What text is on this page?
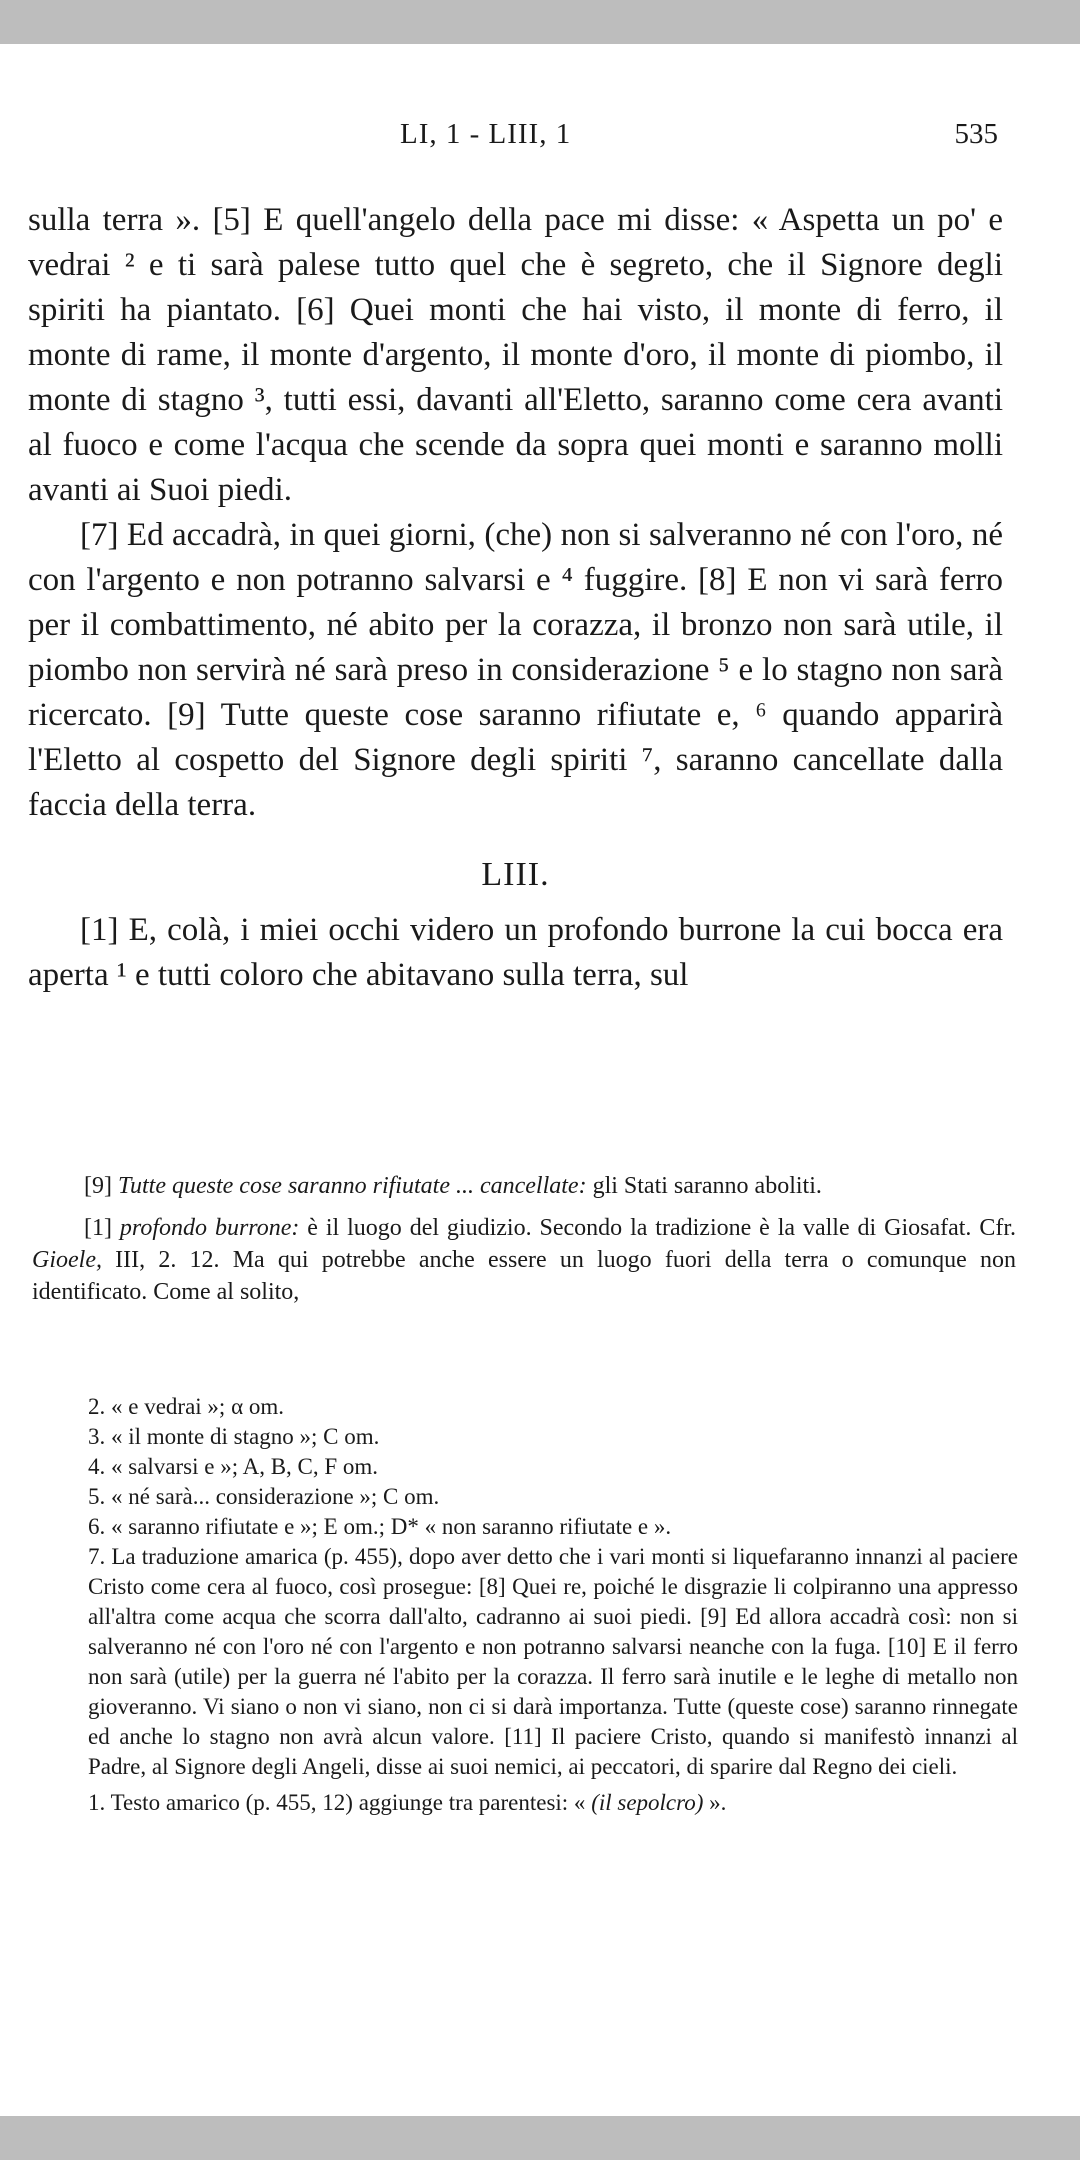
LI, 1 - LIII, 1	535

sulla terra ». [5] E quell'angelo della pace mi disse: « Aspetta un po' e vedrai ² e ti sarà palese tutto quel che è segreto, che il Signore degli spiriti ha piantato. [6] Quei monti che hai visto, il monte di ferro, il monte di rame, il monte d'argento, il monte d'oro, il monte di piombo, il monte di stagno ³, tutti essi, davanti all'Eletto, saranno come cera avanti al fuoco e come l'acqua che scende da sopra quei monti e saranno molli avanti ai Suoi piedi.

[7] Ed accadrà, in quei giorni, (che) non si salveranno né con l'oro, né con l'argento e non potranno salvarsi e ⁴ fuggire. [8] E non vi sarà ferro per il combattimento, né abito per la corazza, il bronzo non sarà utile, il piombo non servirà né sarà preso in considerazione ⁵ e lo stagno non sarà ricercato. [9] Tutte queste cose saranno rifiutate e, ⁶ quando apparirà l'Eletto al cospetto del Signore degli spiriti ⁷, saranno cancellate dalla faccia della terra.

LIII.

[1] E, colà, i miei occhi videro un profondo burrone la cui bocca era aperta ¹ e tutti coloro che abitavano sulla terra, sul

[9] Tutte queste cose saranno rifiutate ... cancellate: gli Stati saranno aboliti.

[1] profondo burrone: è il luogo del giudizio. Secondo la tradizione è la valle di Giosafat. Cfr. Gioele, III, 2. 12. Ma qui potrebbe anche essere un luogo fuori della terra o comunque non identificato. Come al solito,

2. « e vedrai »; α om.

3. « il monte di stagno »; C om.

4. « salvarsi e »; A, B, C, F om.

5. « né sarà... considerazione »; C om.

6. « saranno rifiutate e »; E om.; D* « non saranno rifiutate e ».

7. La traduzione amarica (p. 455), dopo aver detto che i vari monti si liquefaranno innanzi al paciere Cristo come cera al fuoco, così prosegue: [8] Quei re, poiché le disgrazie li colpiranno una appresso all'altra come acqua che scorra dall'alto, cadranno ai suoi piedi. [9] Ed allora accadrà così: non si salveranno né con l'oro né con l'argento e non potranno salvarsi neanche con la fuga. [10] E il ferro non sarà (utile) per la guerra né l'abito per la corazza. Il ferro sarà inutile e le leghe di metallo non gioveranno. Vi siano o non vi siano, non ci si darà importanza. Tutte (queste cose) saranno rinnegate ed anche lo stagno non avrà alcun valore. [11] Il paciere Cristo, quando si manifestò innanzi al Padre, al Signore degli Angeli, disse ai suoi nemici, ai peccatori, di sparire dal Regno dei cieli.

1. Testo amarico (p. 455, 12) aggiunge tra parentesi: « (il sepolcro) ».
